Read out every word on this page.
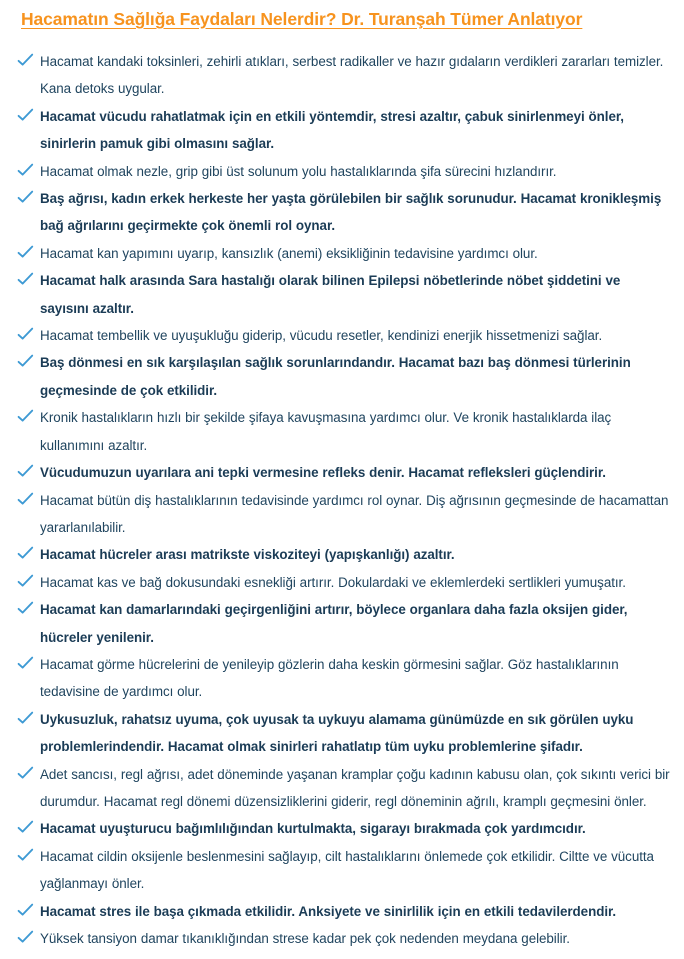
Hacamatın Sağlığa Faydaları Nelerdir? Dr. Turanşah Tümer Anlatıyor
Hacamat kandaki toksinleri, zehirli atıkları, serbest radikaller ve hazır gıdaların verdikleri zararları temizler. Kana detoks uygular.
Hacamat vücudu rahatlatmak için en etkili yöntemdir, stresi azaltır, çabuk sinirlenmeyi önler, sinirlerin pamuk gibi olmasını sağlar.
Hacamat olmak nezle, grip gibi üst solunum yolu hastalıklarında şifa sürecini hızlandırır.
Baş ağrısı, kadın erkek herkeste her yaşta görülebilen bir sağlık sorunudur. Hacamat kronikleşmiş bağ ağrılarını geçirmekte çok önemli rol oynar.
Hacamat kan yapımını uyarıp, kansızlık (anemi) eksikliğinin tedavisine yardımcı olur.
Hacamat halk arasında Sara hastalığı olarak bilinen Epilepsi nöbetlerinde nöbet şiddetini ve sayısını azaltır.
Hacamat tembellik ve uyuşukluğu giderip, vücudu resetler, kendinizi enerjik hissetmenizi sağlar.
Baş dönmesi en sık karşılaşılan sağlık sorunlarındandır. Hacamat bazı baş dönmesi türlerinin geçmesinde de çok etkilidir.
Kronik hastalıkların hızlı bir şekilde şifaya kavuşmasına yardımcı olur. Ve kronik hastalıklarda ilaç kullanımını azaltır.
Vücudumuzun uyarılara ani tepki vermesine refleks denir. Hacamat refleksleri güçlendirir.
Hacamat bütün diş hastalıklarının tedavisinde yardımcı rol oynar. Diş ağrısının geçmesinde de hacamattan yararlanılabilir.
Hacamat hücreler arası matrikste viskoziteyi (yapışkanlığı) azaltır.
Hacamat kas ve bağ dokusundaki esnekliği artırır. Dokulardaki ve eklemlerdeki sertlikleri yumuşatır.
Hacamat kan damarlarındaki geçirgenliğini artırır, böylece organlara daha fazla oksijen gider, hücreler yenilenir.
Hacamat görme hücrelerini de yenileyip gözlerin daha keskin görmesini sağlar. Göz hastalıklarının tedavisine de yardımcı olur.
Uykusuzluk, rahatsız uyuma, çok uyusak ta uykuyu alamama günümüzde en sık görülen uyku problemlerindendir. Hacamat olmak sinirleri rahatlatıp tüm uyku problemlerine şifadır.
Adet sancısı, regl ağrısı, adet döneminde yaşanan kramplar çoğu kadının kabusu olan, çok sıkıntı verici bir durumdur. Hacamat regl dönemi düzensizliklerini giderir, regl döneminin ağrılı, kramplı geçmesini önler.
Hacamat uyuşturucu bağımlılığından kurtulmakta, sigarayı bırakmada çok yardımcıdır.
Hacamat cildin oksijenle beslenmesini sağlayıp, cilt hastalıklarını önlemede çok etkilidir. Ciltte ve vücutta yağlanmayı önler.
Hacamat stres ile başa çıkmada etkilidir. Anksiyete ve sinirlilik için en etkili tedavilerdendir.
Yüksek tansiyon damar tıkanıklığından strese kadar pek çok nedenden meydana gelebilir.
